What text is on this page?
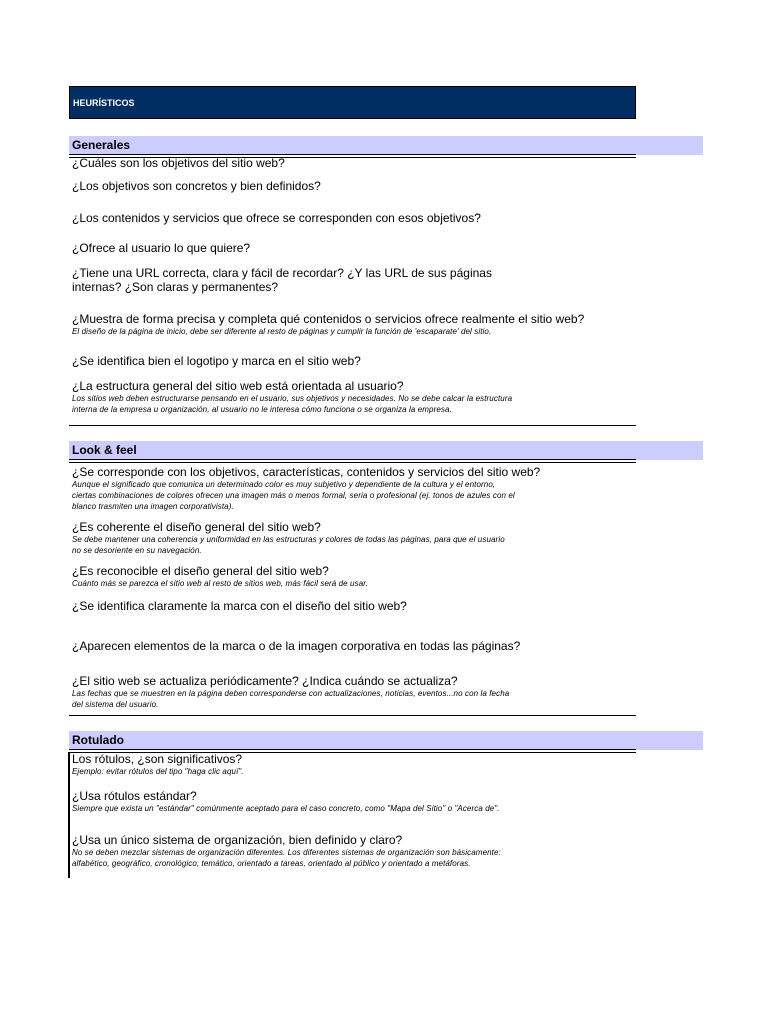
HEURÍSTICOS
Generales
¿Cuáles son los objetivos del sitio web?
¿Los objetivos son concretos y bien definidos?
¿Los contenidos y servicios que ofrece se corresponden con esos objetivos?
¿Ofrece al usuario lo que quiere?
¿Tiene una URL correcta, clara y fácil de recordar? ¿Y las URL de sus páginas
internas? ¿Son claras y permanentes?
¿Muestra de forma precisa y completa qué contenidos o servicios ofrece realmente el sitio web?
El diseño de la página de inicio, debe ser diferente al resto de páginas y cumplir la función de 'escaparate' del sitio.
¿Se identifica bien el logotipo y marca en el sitio web?
¿La estructura general del sitio web está orientada al usuario?
Los sitios web deben estructurarse pensando en el usuario, sus objetivos y necesidades. No se debe calcar la estructura
interna de la empresa u organización, al usuario no le interesa cómo funciona o se organiza la empresa.
Look & feel
¿Se corresponde con los objetivos, características, contenidos y servicios del sitio web?
Aunque el significado que comunica un determinado color es muy subjetivo y dependiente de la cultura y el entorno,
ciertas combinaciones de colores ofrecen una imagen más o menos formal, seria o profesional (ej. tonos de azules con el
blanco trasmiten una imagen corporativista).
¿Es coherente el diseño general del sitio web?
Se debe mantener una coherencia y uniformidad en las estructuras y colores de todas las páginas, para que el usuario
no se desoriente en su navegación.
¿Es reconocible el diseño general del sitio web?
Cuánto más se parezca el sitio web al resto de sitios web, más fácil será de usar.
¿Se identifica claramente la marca con el diseño del sitio web?
¿Aparecen elementos de la marca o de la imagen corporativa en todas las páginas?
¿El sitio web se actualiza periódicamente? ¿Indica cuándo se actualiza?
Las fechas que se muestren en la página deben corresponderse con actualizaciones, noticias, eventos...no con la fecha
del sistema del usuario.
Rotulado
Los rótulos, ¿son significativos?
Ejemplo: evitar rótulos del tipo "haga clic aquí".
¿Usa rótulos estándar?
Siempre que exista un "estándar" comúnmente aceptado para el caso concreto, como "Mapa del Sitio" o "Acerca de".
¿Usa un único sistema de organización, bien definido y claro?
No se deben mezclar sistemas de organización diferentes. Los diferentes sistemas de organización son básicamente:
alfabético, geográfico, cronológico, temático, orientado a tareas, orientado al público y orientado a metáforas.
